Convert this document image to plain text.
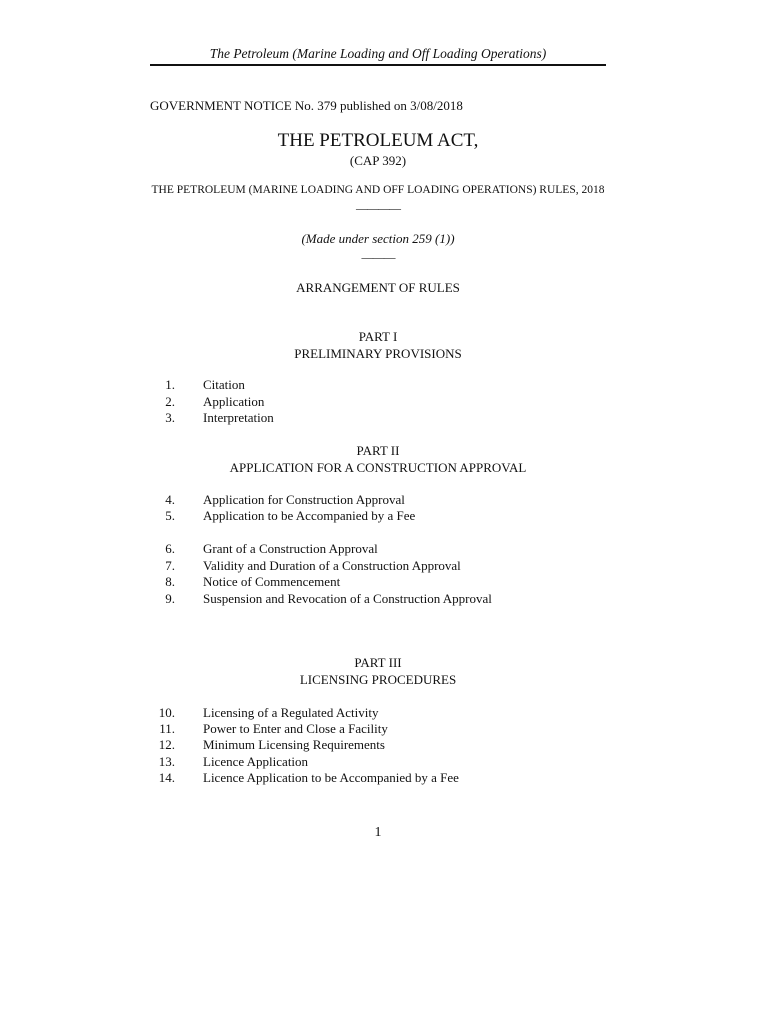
The Petroleum (Marine Loading and Off Loading Operations)
GOVERNMENT NOTICE No. 379 published on 3/08/2018
THE PETROLEUM ACT,
(CAP 392)
THE PETROLEUM (MARINE LOADING AND OFF LOADING OPERATIONS) RULES, 2018
————
(Made under section 259 (1))
———
ARRANGEMENT OF RULES
PART I
PRELIMINARY PROVISIONS
1. Citation
2. Application
3. Interpretation
PART II
APPLICATION FOR A CONSTRUCTION APPROVAL
4. Application for Construction Approval
5. Application to be Accompanied by a Fee
6. Grant of a Construction Approval
7. Validity and Duration of a Construction Approval
8. Notice of Commencement
9. Suspension and Revocation of a Construction Approval
PART III
LICENSING PROCEDURES
10. Licensing of a Regulated Activity
11. Power to Enter and Close a Facility
12. Minimum Licensing Requirements
13. Licence Application
14. Licence Application to be Accompanied by a Fee
1
